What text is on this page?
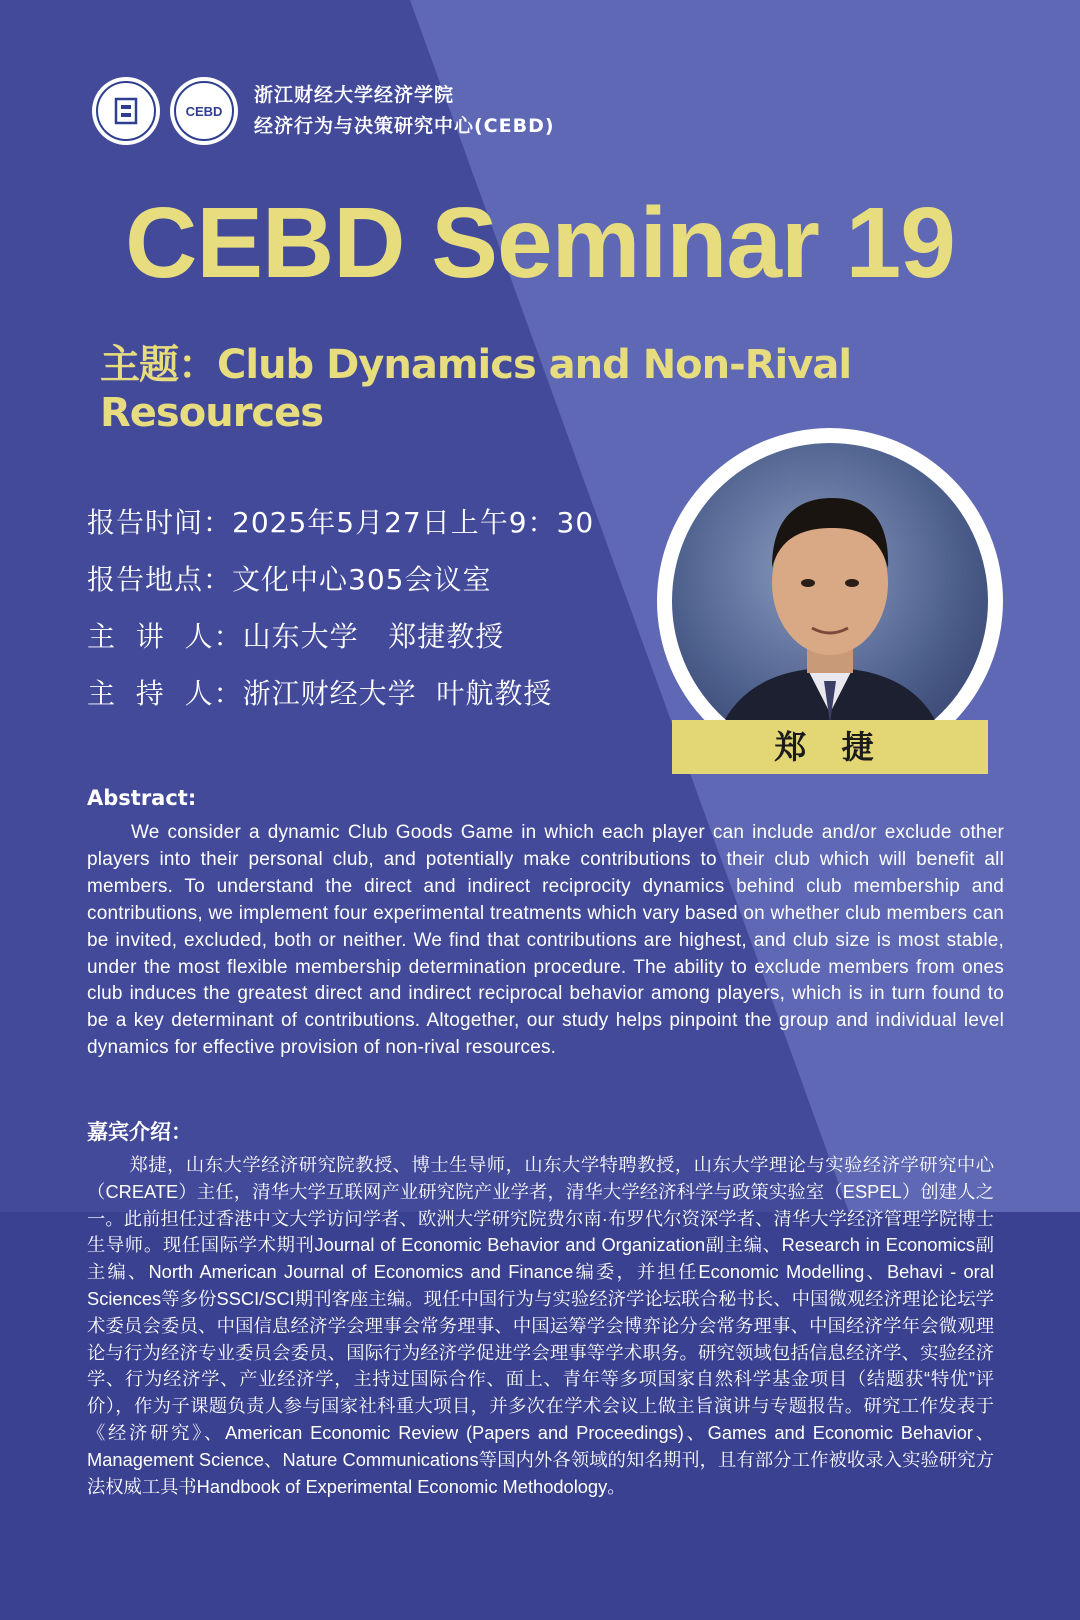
CEBD
浙江财经大学经济学院
经济行为与决策研究中心(CEBD)
CEBD Seminar 19
主题：Club Dynamics and Non-Rival Resources
报告时间：2025年5月27日上午9：30
报告地点：文化中心305会议室
主  讲  人：山东大学   郑捷教授
主  持  人：浙江财经大学  叶航教授
郑 捷
Abstract:
We consider a dynamic Club Goods Game in which each player can include and/or exclude other players into their personal club, and potentially make contributions to their club which will benefit all members. To understand the direct and indirect reciprocity dynamics behind club membership and contributions, we implement four experimental treatments which vary based on whether club members can be invited, excluded, both or neither. We find that contributions are highest, and club size is most stable, under the most flexible membership determination procedure. The ability to exclude members from ones club induces the greatest direct and indirect reciprocal behavior among players, which is in turn found to be a key determinant of contributions. Altogether, our study helps pinpoint the group and individual level dynamics for effective provision of non-rival resources.
嘉宾介绍：
郑捷，山东大学经济研究院教授、博士生导师，山东大学特聘教授，山东大学理论与实验经济学研究中心（CREATE）主任，清华大学互联网产业研究院产业学者，清华大学经济科学与政策实验室（ESPEL）创建人之一。此前担任过香港中文大学访问学者、欧洲大学研究院费尔南·布罗代尔资深学者、清华大学经济管理学院博士生导师。现任国际学术期刊Journal of Economic Behavior and Organization副主编、Research in Economics副主编、North American Journal of Economics and Finance编委，并担任Economic Modelling、Behavi - oral Sciences等多份SSCI/SCI期刊客座主编。现任中国行为与实验经济学论坛联合秘书长、中国微观经济理论论坛学术委员会委员、中国信息经济学会理事会常务理事、中国运筹学会博弈论分会常务理事、中国经济学年会微观理论与行为经济专业委员会委员、国际行为经济学促进学会理事等学术职务。研究领域包括信息经济学、实验经济学、行为经济学、产业经济学，主持过国际合作、面上、青年等多项国家自然科学基金项目（结题获“特优”评价），作为子课题负责人参与国家社科重大项目，并多次在学术会议上做主旨演讲与专题报告。研究工作发表于《经济研究》、American Economic Review (Papers and Proceedings)、Games and Economic Behavior、Management Science、Nature Communications等国内外各领域的知名期刊，且有部分工作被收录入实验研究方法权威工具书Handbook of Experimental Economic Methodology。
